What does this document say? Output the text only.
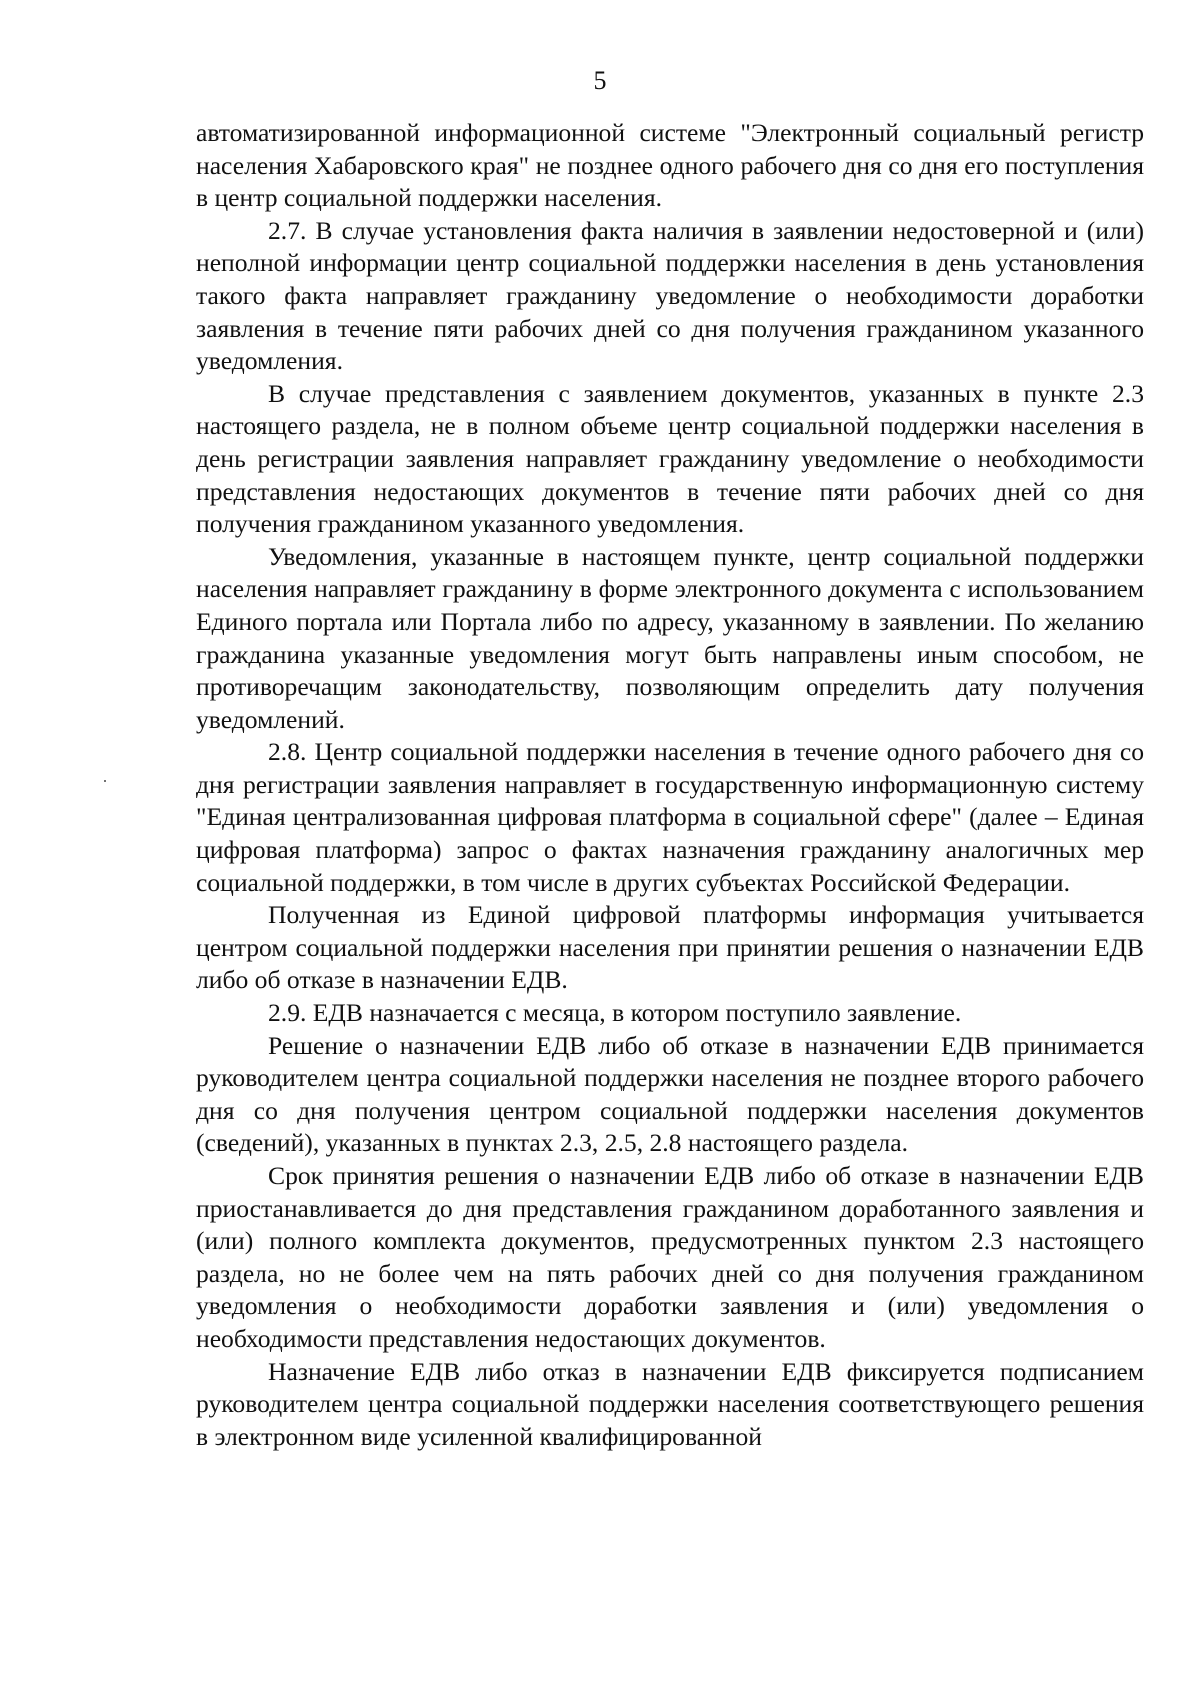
5

автоматизированной информационной системе "Электронный социальный регистр населения Хабаровского края" не позднее одного рабочего дня со дня его поступления в центр социальной поддержки населения.

2.7. В случае установления факта наличия в заявлении недостоверной и (или) неполной информации центр социальной поддержки населения в день установления такого факта направляет гражданину уведомление о необходимости доработки заявления в течение пяти рабочих дней со дня получения гражданином указанного уведомления.

В случае представления с заявлением документов, указанных в пункте 2.3 настоящего раздела, не в полном объеме центр социальной поддержки населения в день регистрации заявления направляет гражданину уведомление о необходимости представления недостающих документов в течение пяти рабочих дней со дня получения гражданином указанного уведомления.

Уведомления, указанные в настоящем пункте, центр социальной поддержки населения направляет гражданину в форме электронного документа с использованием Единого портала или Портала либо по адресу, указанному в заявлении. По желанию гражданина указанные уведомления могут быть направлены иным способом, не противоречащим законодательству, позволяющим определить дату получения уведомлений.

2.8. Центр социальной поддержки населения в течение одного рабочего дня со дня регистрации заявления направляет в государственную информационную систему "Единая централизованная цифровая платформа в социальной сфере" (далее – Единая цифровая платформа) запрос о фактах назначения гражданину аналогичных мер социальной поддержки, в том числе в других субъектах Российской Федерации.

Полученная из Единой цифровой платформы информация учитывается центром социальной поддержки населения при принятии решения о назначении ЕДВ либо об отказе в назначении ЕДВ.

2.9. ЕДВ назначается с месяца, в котором поступило заявление.

Решение о назначении ЕДВ либо об отказе в назначении ЕДВ принимается руководителем центра социальной поддержки населения не позднее второго рабочего дня со дня получения центром социальной поддержки населения документов (сведений), указанных в пунктах 2.3, 2.5, 2.8 настоящего раздела.

Срок принятия решения о назначении ЕДВ либо об отказе в назначении ЕДВ приостанавливается до дня представления гражданином доработанного заявления и (или) полного комплекта документов, предусмотренных пунктом 2.3 настоящего раздела, но не более чем на пять рабочих дней со дня получения гражданином уведомления о необходимости доработки заявления и (или) уведомления о необходимости представления недостающих документов.

Назначение ЕДВ либо отказ в назначении ЕДВ фиксируется подписанием руководителем центра социальной поддержки населения соответствующего решения в электронном виде усиленной квалифицированной
